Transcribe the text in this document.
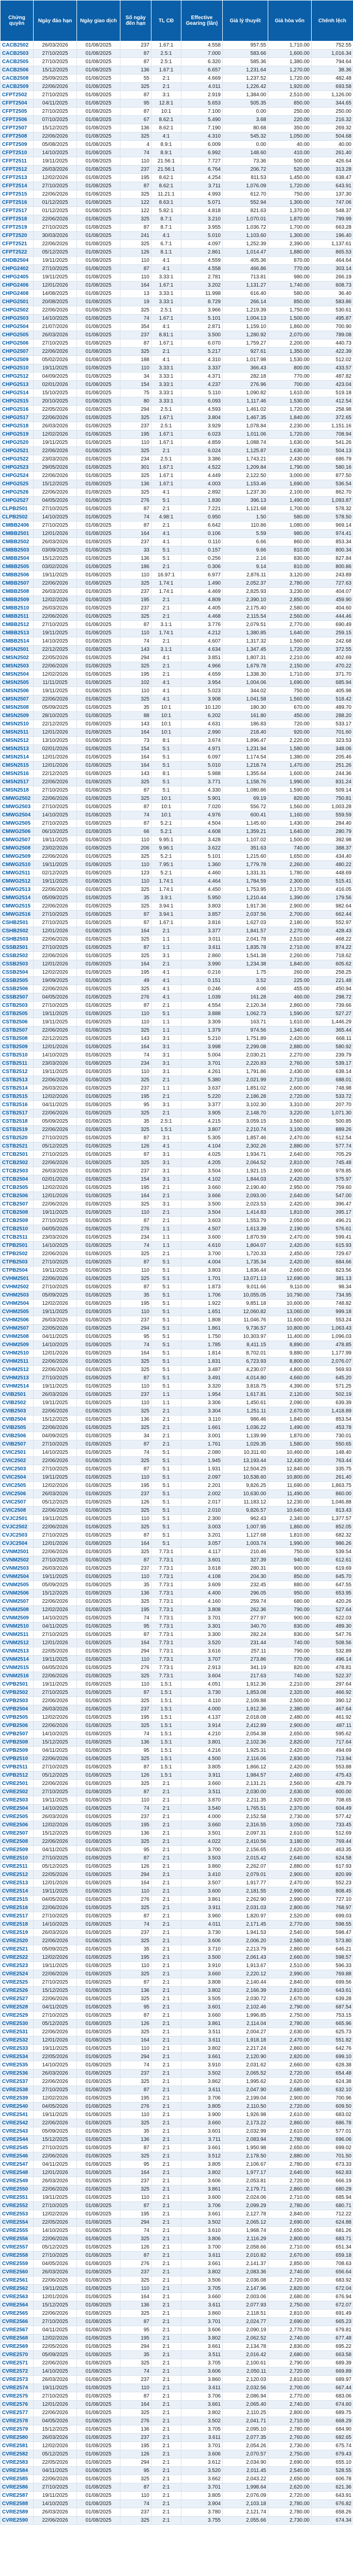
Chứng quyền	Ngày đáo hạn	Ngày giao dịch	Số ngày đến hạn	TL CĐ	Effective Gearing (lần)	Giá lý thuyết	Giá hòa vốn	Chênh lệch
CACB2502	26/03/2026	01/08/2025	237	1.67:1	4.558	957.55	1,710.00	752.55
CACB2503	27/10/2025	01/08/2025	87	2.5:1	7.000	583.66	1,600.00	1,016.34
CACB2505	27/10/2025	01/08/2025	87	2.5:1	6.320	585.36	1,380.00	794.64
CACB2506	15/12/2025	01/08/2025	136	1.67:1	6.657	1,231.64	1,270.00	38.36
CACB2508	25/09/2025	01/08/2025	55	2:1	4.669	1,237.52	1,720.00	482.48
CACB2509	22/06/2026	01/08/2025	325	2:1	4.011	1,226.42	1,920.00	693.58
CFPT2502	27/10/2025	01/08/2025	87	3:1	2.919	1,384.00	2,510.00	1,126.00
CFPT2504	04/11/2025	01/08/2025	95	12.8:1	5.653	505.35	850.00	344.65
CFPT2505	27/10/2025	01/08/2025	87	10:1	7.100	0.00	250.00	250.00
CFPT2506	07/10/2025	01/08/2025	67	8.62:1	5.490	3.68	220.00	216.32
CFPT2507	15/12/2025	01/08/2025	136	8.62:1	7.190	80.68	350.00	269.32
CFPT2508	22/06/2026	01/08/2025	325	4:1	4.310	545.32	1,050.00	504.68
CFPT2509	05/08/2025	01/08/2025	4	8.9:1	6.009	0.00	40.00	40.00
CFPT2510	14/10/2025	01/08/2025	74	8.9:1	6.992	148.60	410.00	261.40
CFPT2511	19/11/2025	01/08/2025	110	21.56:1	7.727	73.36	500.00	426.64
CFPT2512	26/03/2026	01/08/2025	237	21.56:1	6.764	206.72	520.00	313.28
CFPT2513	12/02/2026	01/08/2025	195	8.62:1	4.254	811.53	1,450.00	638.47
CFPT2514	27/10/2025	01/08/2025	87	8.62:1	3.711	1,076.09	1,720.00	643.91
CFPT2515	22/06/2026	01/08/2025	325	11.21:1	4.993	612.70	750.00	137.30
CFPT2516	01/12/2025	01/08/2025	122	8.63:1	5.071	552.94	1,300.00	747.06
CFPT2517	01/12/2025	01/08/2025	122	5.82:1	4.818	821.63	1,370.00	548.37
CFPT2518	22/06/2026	01/08/2025	325	8.7:1	3.210	1,070.01	1,870.00	799.99
CFPT2519	27/10/2025	01/08/2025	87	8.7:1	3.955	1,036.72	1,700.00	663.28
CFPT2520	30/03/2026	01/08/2025	241	4:1	5.010	1,103.60	1,300.00	196.40
CFPT2521	22/06/2026	01/08/2025	325	6.7:1	4.097	1,252.39	2,390.00	1,137.61
CFPT2522	05/12/2025	01/08/2025	126	8.1:1	2.861	1,014.47	1,880.00	865.53
CHDB2504	19/11/2025	01/08/2025	110	4:1	4.559	405.36	870.00	464.64
CHPG2402	27/10/2025	01/08/2025	87	4:1	4.558	466.86	770.00	303.14
CHPG2405	19/11/2025	01/08/2025	110	3.33:1	2.781	713.81	980.00	266.19
CHPG2406	12/01/2026	01/08/2025	164	1.67:1	3.202	1,131.27	1,740.00	608.73
CHPG2408	14/08/2025	01/08/2025	13	3.33:1	11.998	616.40	580.00	36.40
CHPG2501	20/08/2025	01/08/2025	19	3.33:1	8.729	266.14	850.00	583.86
CHPG2502	22/06/2026	01/08/2025	325	2.5:1	3.966	1,219.39	1,750.00	530.61
CHPG2503	14/10/2025	01/08/2025	74	1.67:1	5.101	1,004.13	1,500.00	495.87
CHPG2504	21/07/2026	01/08/2025	354	4:1	2.871	1,159.10	1,860.00	700.90
CHPG2505	26/03/2026	01/08/2025	237	8.81:1	3.500	1,280.92	2,070.00	789.08
CHPG2506	27/10/2025	01/08/2025	87	1.67:1	6.070	1,759.27	2,200.00	440.73
CHPG2507	22/06/2026	01/08/2025	325	2:1	5.217	927.61	1,350.00	422.39
CHPG2509	05/02/2026	01/08/2025	188	4:1	4.310	1,017.98	1,530.00	512.02
CHPG2510	19/11/2025	01/08/2025	110	3.33:1	3.337	366.43	800.00	433.57
CHPG2512	04/09/2025	01/08/2025	34	3.33:1	4.371	282.18	770.00	487.82
CHPG2513	02/01/2026	01/08/2025	154	3.33:1	4.237	276.96	700.00	423.04
CHPG2514	15/10/2025	01/08/2025	75	3.33:1	5.110	1,090.82	1,610.00	519.18
CHPG2515	20/10/2025	01/08/2025	80	3.33:1	6.093	1,117.46	1,530.00	412.54
CHPG2516	22/05/2026	01/08/2025	294	2.5:1	4.593	1,461.02	1,720.00	258.98
CHPG2517	22/06/2026	01/08/2025	325	1.67:1	3.804	1,467.35	1,840.00	372.65
CHPG2518	26/03/2026	01/08/2025	237	2.5:1	3.929	1,078.84	2,230.00	1,151.16
CHPG2519	12/02/2026	01/08/2025	195	1.67:1	6.023	1,011.06	1,720.00	708.94
CHPG2520	19/11/2025	01/08/2025	110	1.67:1	4.859	1,088.74	1,630.00	541.26
CHPG2521	22/06/2026	01/08/2025	325	2:1	6.024	1,125.87	1,630.00	504.13
CHPG2522	23/03/2026	01/08/2025	234	2.5:1	3.386	1,743.21	2,430.00	686.79
CHPG2523	29/05/2026	01/08/2025	301	1.67:1	4.522	1,209.84	1,790.00	580.16
CHPG2524	22/06/2026	01/08/2025	325	1.67:1	4.449	2,122.50	3,000.00	877.50
CHPG2525	15/12/2025	01/08/2025	136	1.67:1	4.003	1,153.46	1,690.00	536.54
CHPG2526	22/06/2026	01/08/2025	325	4:1	2.892	1,237.30	2,100.00	862.70
CHPG2527	04/05/2026	01/08/2025	276	5:1	1.830	396.13	1,490.00	1,093.87
CLPB2501	27/10/2025	01/08/2025	87	2:1	7.221	1,121.68	1,700.00	578.32
CLPB2502	14/10/2025	01/08/2025	74	4.98:1	0.950	1.50	580.00	578.50
CMBB2406	27/10/2025	01/08/2025	87	2:1	6.642	110.86	1,080.00	969.14
CMBB2501	12/01/2026	01/08/2025	164	4:1	0.106	5.59	980.00	974.41
CMBB2502	26/03/2026	01/08/2025	237	4:1	0.110	6.66	860.00	853.34
CMBB2503	03/09/2025	01/08/2025	33	5:1	0.157	9.66	810.00	800.34
CMBB2504	15/12/2025	01/08/2025	136	5:1	0.256	2.16	830.00	827.84
CMBB2505	03/02/2026	01/08/2025	186	2:1	0.306	9.14	810.00	800.86
CMBB2506	19/11/2025	01/08/2025	110	16.97:1	6.977	2,876.11	3,120.00	243.89
CMBB2507	22/06/2026	01/08/2025	325	1.74:1	1.490	2,052.37	2,780.00	727.63
CMBB2508	26/03/2026	01/08/2025	237	1.74:1	4.469	2,825.93	3,230.00	404.07
CMBB2509	12/02/2026	01/08/2025	195	2:1	4.809	2,390.10	2,850.00	459.90
CMBB2510	26/03/2026	01/08/2025	237	2:1	4.405	2,175.40	2,580.00	404.60
CMBB2511	22/06/2026	01/08/2025	325	2:1	4.468	2,115.54	2,560.00	444.46
CMBB2512	27/10/2025	01/08/2025	87	3.1:1	3.776	2,079.51	2,770.00	690.49
CMBB2513	19/11/2025	01/08/2025	110	1.74:1	4.212	1,380.85	1,640.00	259.15
CMBB2514	14/10/2025	01/08/2025	74	2:1	4.607	1,317.32	1,560.00	242.68
CMSN2501	22/12/2025	01/08/2025	143	3.1:1	4.634	1,347.45	1,720.00	372.55
CMSN2502	22/05/2026	01/08/2025	294	4:1	3.851	1,807.31	2,210.00	402.69
CMSN2503	22/06/2026	01/08/2025	325	2:1	4.966	1,679.78	2,150.00	470.22
CMSN2504	12/02/2026	01/08/2025	195	2:1	4.659	1,338.30	1,710.00	371.70
CMSN2505	11/11/2025	01/08/2025	102	4:1	3.954	1,004.06	1,690.00	685.94
CMSN2506	19/11/2025	01/08/2025	110	4:1	5.023	344.02	750.00	405.98
CMSN2507	22/06/2026	01/08/2025	325	4:1	3.908	1,041.58	1,560.00	518.42
CMSN2508	05/09/2025	01/08/2025	35	10:1	10.120	180.30	670.00	489.70
CMSN2509	28/10/2025	01/08/2025	88	10:1	6.202	161.80	450.00	288.20
CMSN2510	22/12/2025	01/08/2025	143	10:1	4.631	186.83	720.00	533.17
CMSN2511	12/01/2026	01/08/2025	164	10:1	2.990	218.40	920.00	701.60
CMSN2512	13/10/2025	01/08/2025	73	8:1	3.674	1,896.47	2,220.00	323.53
CMSN2513	02/01/2026	01/08/2025	154	5:1	4.971	1,231.94	1,580.00	348.06
CMSN2514	12/01/2026	01/08/2025	164	5:1	6.097	1,174.54	1,380.00	205.46
CMSN2515	12/01/2026	01/08/2025	164	5:1	5.010	1,218.74	1,470.00	251.26
CMSN2516	22/12/2025	01/08/2025	143	8:1	5.988	1,355.64	1,600.00	244.36
CMSN2517	22/06/2026	01/08/2025	325	5:1	3.771	1,158.76	1,990.00	831.24
CMSN2518	27/10/2025	01/08/2025	87	5:1	4.330	1,080.86	1,590.00	509.14
CMWG2502	22/06/2026	01/08/2025	325	10:1	5.901	69.19	820.00	750.81
CMWG2503	27/10/2025	01/08/2025	87	10:1	7.020	556.72	1,560.00	1,003.28
CMWG2504	14/10/2025	01/08/2025	74	10:1	4.976	600.41	1,160.00	559.59
CMWG2505	27/10/2025	01/08/2025	87	5.2:1	4.504	1,145.60	1,430.00	284.40
CMWG2506	06/10/2025	01/08/2025	66	5.2:1	4.608	1,359.21	1,640.00	280.79
CMWG2507	19/11/2025	01/08/2025	110	9.95:1	3.428	1,107.02	1,500.00	392.98
CMWG2508	23/02/2026	01/08/2025	206	9.96:1	3.622	351.63	740.00	388.37
CMWG2509	22/06/2026	01/08/2025	325	5.2:1	5.101	1,215.60	1,650.00	434.40
CMWG2510	19/11/2025	01/08/2025	110	7.95:1	1.360	1,779.78	2,260.00	480.22
CMWG2511	02/12/2025	01/08/2025	123	5.2:1	4.460	1,331.31	1,780.00	448.69
CMWG2512	19/11/2025	01/08/2025	110	1.74:1	4.464	1,784.59	2,300.00	515.41
CMWG2513	22/06/2026	01/08/2025	325	1.74:1	4.450	1,753.95	2,170.00	416.05
CMWG2514	05/09/2025	01/08/2025	35	3.9:1	5.950	1,210.44	1,390.00	179.56
CMWG2515	22/06/2026	01/08/2025	325	3.94:1	3.803	1,917.36	2,900.00	982.64
CMWG2516	27/10/2025	01/08/2025	87	3.94:1	3.857	2,037.56	2,700.00	662.44
CSHB2501	27/10/2025	01/08/2025	87	1.67:1	3.816	1,627.03	2,180.00	552.97
CSHB2502	12/01/2026	01/08/2025	164	2:1	3.377	1,841.57	2,270.00	428.43
CSHB2503	22/06/2026	01/08/2025	325	1:1	3.011	2,041.78	2,510.00	468.22
CSSB2501	27/10/2025	01/08/2025	87	1:1	3.611	1,835.78	2,710.00	874.22
CSSB2502	22/06/2026	01/08/2025	325	3:1	2.860	1,541.38	2,260.00	718.62
CSSB2503	12/01/2026	01/08/2025	164	2:1	3.990	1,234.38	1,840.00	605.62
CSSB2504	12/02/2026	01/08/2025	195	4:1	0.216	1.75	260.00	258.25
CSSB2505	19/09/2025	01/08/2025	49	4:1	0.151	3.52	225.00	221.48
CSSB2506	22/06/2026	01/08/2025	325	4:1	0.246	4.06	455.00	450.94
CSSB2507	04/05/2026	01/08/2025	276	4:1	1.039	161.28	460.00	298.72
CSTB2503	27/10/2025	01/08/2025	87	2:1	4.554	2,120.34	2,860.00	739.66
CSTB2505	19/11/2025	01/08/2025	110	5:1	3.888	1,062.73	1,590.00	527.27
CSTB2506	19/11/2025	01/08/2025	110	1:1	3.309	163.71	1,610.00	1,446.29
CSTB2507	22/06/2026	01/08/2025	325	1:1	1.379	974.56	1,340.00	365.44
CSTB2508	22/12/2025	01/08/2025	143	3:1	5.210	1,751.89	2,420.00	668.11
CSTB2509	12/01/2026	01/08/2025	164	3:1	3.998	2,299.08	2,880.00	580.92
CSTB2510	14/10/2025	01/08/2025	74	3:1	5.004	2,030.21	2,270.00	239.79
CSTB2511	23/03/2026	01/08/2025	234	3:1	3.701	2,220.83	2,760.00	539.17
CSTB2512	19/11/2025	01/08/2025	110	3:1	4.261	1,791.86	2,430.00	638.14
CSTB2513	22/06/2026	01/08/2025	325	2:1	5.380	2,021.99	2,710.00	688.01
CSTB2514	26/03/2026	01/08/2025	237	1:1	3.637	1,851.02	2,600.00	748.98
CSTB2515	12/02/2026	01/08/2025	195	2:1	5.220	2,186.28	2,720.00	533.72
CSTB2516	04/11/2025	01/08/2025	95	3:1	3.377	3,102.30	3,310.00	207.70
CSTB2517	22/06/2026	01/08/2025	325	2:1	3.905	2,148.70	3,220.00	1,071.30
CSTB2518	05/09/2025	01/08/2025	35	2.5:1	4.215	3,059.15	3,560.00	500.85
CSTB2519	22/06/2026	01/08/2025	325	1.5:1	3.807	2,210.74	3,100.00	889.26
CSTB2520	27/10/2025	01/08/2025	87	3:1	5.305	1,857.46	2,470.00	612.54
CSTB2521	05/12/2025	01/08/2025	126	4:1	4.104	2,302.26	2,880.00	577.74
CTCB2501	27/10/2025	01/08/2025	87	3:1	4.025	1,934.71	2,640.00	705.29
CTCB2502	22/06/2026	01/08/2025	325	3:1	4.205	2,064.52	2,810.00	745.48
CTCB2503	26/03/2026	01/08/2025	237	3:1	3.504	1,921.15	2,900.00	978.85
CTCB2504	02/01/2026	01/08/2025	154	3:1	4.102	1,844.03	2,420.00	575.97
CTCB2505	12/02/2026	01/08/2025	195	2:1	3.660	2,190.40	2,950.00	759.60
CTCB2506	12/01/2026	01/08/2025	164	2:1	3.666	2,093.00	2,640.00	547.00
CTCB2507	22/06/2026	01/08/2025	325	3:1	3.500	2,023.53	2,420.00	396.47
CTCB2508	19/11/2025	01/08/2025	110	2:1	3.504	1,414.83	1,810.00	395.17
CTCB2509	27/10/2025	01/08/2025	87	2:1	3.603	1,553.79	2,050.00	496.21
CTCB2510	04/05/2026	01/08/2025	276	1:1	4.507	1,613.39	2,190.00	576.61
CTCB2511	23/03/2026	01/08/2025	234	1:1	3.600	1,870.59	2,470.00	599.41
CTPB2501	14/10/2025	01/08/2025	74	1:1	4.610	1,804.07	2,420.00	615.93
CTPB2502	22/06/2026	01/08/2025	325	2:1	3.700	1,720.33	2,450.00	729.67
CTPB2503	27/10/2025	01/08/2025	87	5:1	4.004	1,735.34	2,420.00	684.66
CTPB2504	19/11/2025	01/08/2025	110	5:1	3.803	1,836.44	2,660.00	823.56
CVHM2501	22/06/2026	01/08/2025	325	5:1	1.701	13,071.13	12,690.00	381.13
CVHM2502	27/10/2025	01/08/2025	87	5:1	1.873	9,011.66	9,110.00	98.34
CVHM2503	05/09/2025	01/08/2025	35	5:1	1.706	10,055.05	10,790.00	734.95
CVHM2504	12/02/2026	01/08/2025	195	5:1	1.922	9,851.18	10,600.00	748.82
CVHM2505	19/11/2025	01/08/2025	110	5:1	1.651	12,060.82	13,060.00	999.18
CVHM2506	26/03/2026	01/08/2025	237	5:1	1.808	11,046.76	11,600.00	553.24
CVHM2507	22/05/2026	01/08/2025	294	5:1	1.861	9,736.57	10,800.00	1,063.43
CVHM2508	04/11/2025	01/08/2025	95	5:1	1.750	10,303.97	11,400.00	1,096.03
CVHM2509	14/10/2025	01/08/2025	74	5:1	1.785	8,411.15	8,890.00	478.85
CVHM2510	12/01/2026	01/08/2025	164	5:1	1.814	8,702.01	9,880.00	1,177.99
CVHM2511	22/06/2026	01/08/2025	325	5:1	1.831	6,723.93	8,800.00	2,076.07
CVHM2512	22/06/2026	01/08/2025	325	5:1	3.487	4,230.07	4,800.00	569.93
CVHM2513	27/10/2025	01/08/2025	87	5:1	3.491	4,014.80	4,660.00	645.20
CVHM2514	19/11/2025	01/08/2025	110	5:1	3.320	3,818.75	4,390.00	571.25
CVIB2501	26/03/2026	01/08/2025	237	1:1	1.954	1,617.81	2,120.00	502.19
CVIB2502	19/11/2025	01/08/2025	110	1:1	3.306	1,450.61	2,090.00	639.39
CVIB2503	22/06/2026	01/08/2025	325	2:1	3.304	1,251.11	2,670.00	1,418.89
CVIB2504	15/12/2025	01/08/2025	136	2:1	3.110	986.46	1,840.00	853.54
CVIB2505	22/06/2026	01/08/2025	325	2:1	1.661	1,036.22	1,490.00	453.78
CVIB2506	04/09/2025	01/08/2025	34	2:1	3.001	1,139.99	1,870.00	730.01
CVIB2507	27/10/2025	01/08/2025	87	2:1	1.761	1,029.35	1,580.00	550.65
CVIC2501	14/10/2025	01/08/2025	74	5:1	2.080	10,311.60	10,460.00	148.40
CVIC2502	22/06/2026	01/08/2025	325	5:1	1.945	13,193.44	12,430.00	763.44
CVIC2503	27/10/2025	01/08/2025	87	5:1	1.931	12,504.25	12,840.00	335.75
CVIC2504	19/11/2025	01/08/2025	110	5:1	2.097	10,538.60	10,800.00	261.40
CVIC2505	12/02/2026	01/08/2025	195	5:1	2.201	9,826.25	11,690.00	1,863.75
CVIC2506	26/03/2026	01/08/2025	237	5:1	2.002	10,630.00	11,490.00	860.00
CVIC2507	05/12/2025	01/08/2025	126	5:1	2.017	11,183.12	12,230.00	1,046.88
CVIC2508	22/06/2026	01/08/2025	325	5:1	2.010	9,826.57	10,640.00	813.43
CVJC2501	19/11/2025	01/08/2025	110	5:1	2.300	962.43	2,340.00	1,377.57
CVJC2502	22/06/2026	01/08/2025	325	5:1	3.003	1,007.95	1,860.00	852.05
CVJC2503	27/10/2025	01/08/2025	87	5:1	3.201	1,127.68	1,810.00	682.32
CVJC2504	12/01/2026	01/08/2025	164	5:1	3.057	1,003.74	1,990.00	986.26
CVNM2501	22/06/2026	01/08/2025	325	7.73:1	4.117	210.46	750.00	539.54
CVNM2502	27/10/2025	01/08/2025	87	7.73:1	3.601	327.39	940.00	612.61
CVNM2503	26/03/2026	01/08/2025	237	7.73:1	3.618	280.31	900.00	619.69
CVNM2504	19/11/2025	01/08/2025	110	7.73:1	4.108	204.30	850.00	645.70
CVNM2505	05/09/2025	01/08/2025	35	7.73:1	3.609	232.45	880.00	647.55
CVNM2506	15/12/2025	01/08/2025	136	7.73:1	4.400	296.05	950.00	653.95
CVNM2507	22/06/2026	01/08/2025	325	7.73:1	4.160	259.74	680.00	420.26
CVNM2508	12/02/2026	01/08/2025	195	7.73:1	3.808	262.36	790.00	527.64
CVNM2509	14/10/2025	01/08/2025	74	7.73:1	3.701	277.97	900.00	622.03
CVNM2510	04/11/2025	01/08/2025	95	7.73:1	3.301	340.70	830.00	489.30
CVNM2511	27/10/2025	01/08/2025	87	7.73:1	3.300	282.24	830.00	547.76
CVNM2512	12/01/2026	01/08/2025	164	7.73:1	3.520	231.44	740.00	508.56
CVNM2513	22/05/2026	01/08/2025	294	7.73:1	3.616	257.11	790.00	532.89
CVNM2514	19/11/2025	01/08/2025	110	7.73:1	3.707	273.86	770.00	496.14
CVNM2515	04/05/2026	01/08/2025	276	7.73:1	2.913	341.19	820.00	478.81
CVNM2516	22/06/2026	01/08/2025	325	7.73:1	3.604	217.63	740.00	522.37
CVPB2501	19/11/2025	01/08/2025	110	1.5:1	4.051	1,912.36	2,210.00	297.64
CVPB2502	27/10/2025	01/08/2025	87	1.5:1	3.730	1,853.08	2,320.00	466.92
CVPB2503	22/06/2026	01/08/2025	325	1.5:1	4.110	2,109.88	2,500.00	390.12
CVPB2504	26/03/2026	01/08/2025	237	1.5:1	4.000	1,912.36	2,380.00	467.64
CVPB2505	12/02/2026	01/08/2025	195	1.5:1	4.137	2,018.08	2,480.00	461.92
CVPB2506	22/06/2026	01/08/2025	325	1.5:1	3.914	2,412.89	2,900.00	487.11
CVPB2507	14/10/2025	01/08/2025	74	1.5:1	4.210	2,054.38	2,650.00	595.62
CVPB2508	15/12/2025	01/08/2025	136	1.5:1	3.801	2,102.36	2,820.00	717.64
CVPB2509	04/11/2025	01/08/2025	95	1.5:1	4.216	1,925.31	2,420.00	494.69
CVPB2510	22/06/2026	01/08/2025	325	1.5:1	4.500	2,116.06	2,830.00	713.94
CVPB2511	27/10/2025	01/08/2025	87	1.5:1	3.805	1,866.12	2,420.00	553.88
CVPB2512	05/12/2025	01/08/2025	126	1.5:1	3.911	1,984.57	2,460.00	475.43
CVRE2501	22/06/2026	01/08/2025	325	2:1	3.660	2,131.21	2,560.00	428.79
CVRE2502	27/10/2025	01/08/2025	87	2:1	3.511	2,030.00	2,630.00	600.00
CVRE2503	19/11/2025	01/08/2025	110	2:1	3.870	2,211.35	2,920.00	708.65
CVRE2504	14/10/2025	01/08/2025	74	2:1	3.540	1,765.51	2,370.00	604.49
CVRE2505	26/03/2026	01/08/2025	237	2:1	4.000	2,152.58	2,730.00	577.42
CVRE2506	12/02/2026	01/08/2025	195	2:1	3.660	2,316.55	3,050.00	733.45
CVRE2507	15/12/2025	01/08/2025	136	2:1	3.501	2,097.31	2,610.00	512.69
CVRE2508	22/06/2026	01/08/2025	325	2:1	4.022	2,410.56	3,180.00	769.44
CVRE2509	04/11/2025	01/08/2025	95	2:1	3.700	2,156.65	2,620.00	463.35
CVRE2510	27/10/2025	01/08/2025	87	2:1	3.503	2,015.42	2,640.00	624.58
CVRE2511	05/12/2025	01/08/2025	126	2:1	3.860	2,262.07	2,880.00	617.93
CVRE2512	22/05/2026	01/08/2025	294	2:1	3.410	2,079.01	2,900.00	820.99
CVRE2513	12/01/2026	01/08/2025	164	2:1	3.507	1,917.77	2,470.00	552.23
CVRE2514	19/11/2025	01/08/2025	110	2:1	3.600	2,181.55	2,990.00	808.45
CVRE2515	04/05/2026	01/08/2025	276	2:1	3.861	2,262.90	2,990.00	727.10
CVRE2516	22/06/2026	01/08/2025	325	2:1	3.911	2,031.03	2,800.00	768.97
CVRE2517	27/10/2025	01/08/2025	87	2:1	3.960	1,820.97	2,520.00	699.03
CVRE2518	14/10/2025	01/08/2025	74	2:1	4.011	2,171.45	2,770.00	598.55
CVRE2519	26/03/2026	01/08/2025	237	2:1	3.730	1,941.53	2,540.00	598.47
CVRE2520	22/06/2026	01/08/2025	325	2:1	3.606	2,006.20	2,580.00	573.80
CVRE2521	05/09/2025	01/08/2025	35	2:1	3.710	2,213.79	2,860.00	646.21
CVRE2522	12/02/2026	01/08/2025	195	2:1	3.500	2,061.43	2,660.00	598.57
CVRE2523	19/11/2025	01/08/2025	110	2:1	3.910	1,913.67	2,510.00	596.33
CVRE2524	22/06/2026	01/08/2025	325	2:1	3.660	2,220.12	2,990.00	769.88
CVRE2525	27/10/2025	01/08/2025	87	2:1	3.808	2,140.44	2,840.00	699.56
CVRE2526	15/12/2025	01/08/2025	136	2:1	3.802	2,166.39	2,810.00	643.61
CVRE2527	22/06/2026	01/08/2025	325	2:1	3.505	2,030.72	2,670.00	639.28
CVRE2528	04/11/2025	01/08/2025	95	2:1	3.601	2,102.46	2,790.00	687.54
CVRE2529	27/10/2025	01/08/2025	87	2:1	3.660	1,996.85	2,750.00	753.15
CVRE2530	05/12/2025	01/08/2025	126	2:1	3.861	2,114.04	2,780.00	665.96
CVRE2531	22/06/2026	01/08/2025	325	2:1	3.511	2,004.27	2,630.00	625.73
CVRE2532	12/01/2026	01/08/2025	164	2:1	3.611	1,918.18	2,470.00	551.82
CVRE2533	19/11/2025	01/08/2025	110	2:1	3.802	2,217.24	2,860.00	642.76
CVRE2534	22/05/2026	01/08/2025	294	2:1	3.661	2,120.90	2,820.00	699.10
CVRE2535	14/10/2025	01/08/2025	74	2:1	3.910	2,031.62	2,660.00	628.38
CVRE2536	26/03/2026	01/08/2025	237	2:1	3.502	2,065.52	2,720.00	654.48
CVRE2537	22/06/2026	01/08/2025	325	2:1	3.862	1,995.62	2,620.00	624.38
CVRE2538	27/10/2025	01/08/2025	87	2:1	3.611	2,047.90	2,680.00	632.10
CVRE2539	12/02/2026	01/08/2025	195	2:1	3.706	2,199.04	2,900.00	700.96
CVRE2540	04/05/2026	01/08/2025	276	2:1	3.805	2,110.50	2,720.00	609.50
CVRE2541	19/11/2025	01/08/2025	110	2:1	3.900	1,926.98	2,610.00	683.02
CVRE2542	22/06/2026	01/08/2025	325	2:1	3.660	2,173.22	2,860.00	686.78
CVRE2543	05/09/2025	01/08/2025	35	2:1	3.601	2,032.99	2,610.00	577.01
CVRE2544	15/12/2025	01/08/2025	136	2:1	3.711	2,083.94	2,780.00	696.06
CVRE2545	27/10/2025	01/08/2025	87	2:1	3.661	1,950.98	2,650.00	699.02
CVRE2546	22/06/2026	01/08/2025	325	2:1	3.512	2,178.50	2,880.00	701.50
CVRE2547	04/11/2025	01/08/2025	95	2:1	3.805	2,106.67	2,780.00	673.33
CVRE2548	12/01/2026	01/08/2025	164	2:1	3.802	1,977.17	2,640.00	662.83
CVRE2549	26/03/2026	01/08/2025	237	2:1	3.606	2,053.81	2,720.00	666.19
CVRE2550	22/06/2026	01/08/2025	325	2:1	3.861	2,179.71	2,860.00	680.29
CVRE2551	19/11/2025	01/08/2025	110	2:1	3.600	2,024.06	2,710.00	685.94
CVRE2552	27/10/2025	01/08/2025	87	2:1	3.706	2,099.29	2,780.00	680.71
CVRE2553	12/02/2026	01/08/2025	195	2:1	3.661	2,127.78	2,840.00	712.22
CVRE2554	22/05/2026	01/08/2025	294	2:1	3.502	2,065.12	2,690.00	624.88
CVRE2555	14/10/2025	01/08/2025	74	2:1	3.610	1,968.74	2,650.00	681.26
CVRE2556	22/06/2026	01/08/2025	325	2:1	3.806	2,116.29	2,800.00	683.71
CVRE2557	05/12/2025	01/08/2025	126	2:1	3.700	2,058.66	2,710.00	651.34
CVRE2558	27/10/2025	01/08/2025	87	2:1	3.611	2,010.82	2,670.00	659.18
CVRE2559	04/05/2026	01/08/2025	276	2:1	3.661	2,141.37	2,850.00	708.63
CVRE2560	26/03/2026	01/08/2025	237	2:1	3.802	2,083.36	2,740.00	656.64
CVRE2561	22/06/2026	01/08/2025	325	2:1	3.506	2,036.08	2,720.00	683.92
CVRE2562	19/11/2025	01/08/2025	110	2:1	3.705	2,147.96	2,820.00	672.04
CVRE2563	12/01/2026	01/08/2025	164	2:1	3.660	2,003.06	2,680.00	676.94
CVRE2564	15/12/2025	01/08/2025	136	2:1	3.611	2,077.93	2,750.00	672.07
CVRE2565	22/06/2026	01/08/2025	325	2:1	3.860	2,118.51	2,810.00	691.49
CVRE2566	27/10/2025	01/08/2025	87	2:1	3.701	2,024.77	2,690.00	665.23
CVRE2567	04/11/2025	01/08/2025	95	2:1	3.606	2,090.19	2,770.00	679.81
CVRE2568	12/02/2026	01/08/2025	195	2:1	3.802	2,062.52	2,740.00	677.48
CVRE2569	22/05/2026	01/08/2025	294	2:1	3.661	2,134.78	2,830.00	695.22
CVRE2570	05/09/2025	01/08/2025	35	2:1	3.511	2,016.42	2,680.00	663.58
CVRE2571	22/06/2026	01/08/2025	325	2:1	3.705	2,100.61	2,790.00	689.39
CVRE2572	14/10/2025	01/08/2025	74	2:1	3.606	2,050.11	2,720.00	669.89
CVRE2573	26/03/2026	01/08/2025	237	2:1	3.860	2,120.03	2,810.00	689.97
CVRE2574	19/11/2025	01/08/2025	110	2:1	3.611	2,032.56	2,700.00	667.44
CVRE2575	27/10/2025	01/08/2025	87	2:1	3.706	2,086.94	2,770.00	683.06
CVRE2576	12/01/2026	01/08/2025	164	2:1	3.661	2,065.40	2,740.00	674.60
CVRE2577	22/06/2026	01/08/2025	325	2:1	3.802	2,110.25	2,800.00	689.75
CVRE2578	04/05/2026	01/08/2025	276	2:1	3.502	2,041.71	2,710.00	668.29
CVRE2579	15/12/2025	01/08/2025	136	2:1	3.705	2,095.10	2,780.00	684.90
CVRE2580	26/03/2026	01/08/2025	237	2:1	3.611	2,077.35	2,760.00	682.65
CVRE2581	12/02/2026	01/08/2025	195	2:1	3.701	2,054.26	2,730.00	675.74
CVRE2582	05/12/2025	01/08/2025	126	2:1	3.606	2,070.57	2,750.00	679.43
CVRE2583	22/05/2026	01/08/2025	294	2:1	3.612	2,034.90	2,690.00	655.10
CVRE2584	04/11/2025	01/08/2025	95	2:1	3.520	2,011.45	2,540.00	528.55
CVRE2585	22/06/2026	01/08/2025	325	2:1	3.662	2,043.22	2,650.00	606.78
CVRE2586	27/10/2025	01/08/2025	87	2:1	3.701	1,998.64	2,620.00	621.36
CVRE2587	19/11/2025	01/08/2025	110	2:1	3.805	2,076.09	2,720.00	643.91
CVRE2588	14/10/2025	01/08/2025	74	2:1	3.904	2,103.18	2,780.00	676.82
CVRE2589	26/03/2026	01/08/2025	237	2:1	3.780	2,121.74	2,780.00	658.26
CVRE2590	22/06/2026	01/08/2025	325	2:1	3.755	2,055.66	2,730.00	674.34
